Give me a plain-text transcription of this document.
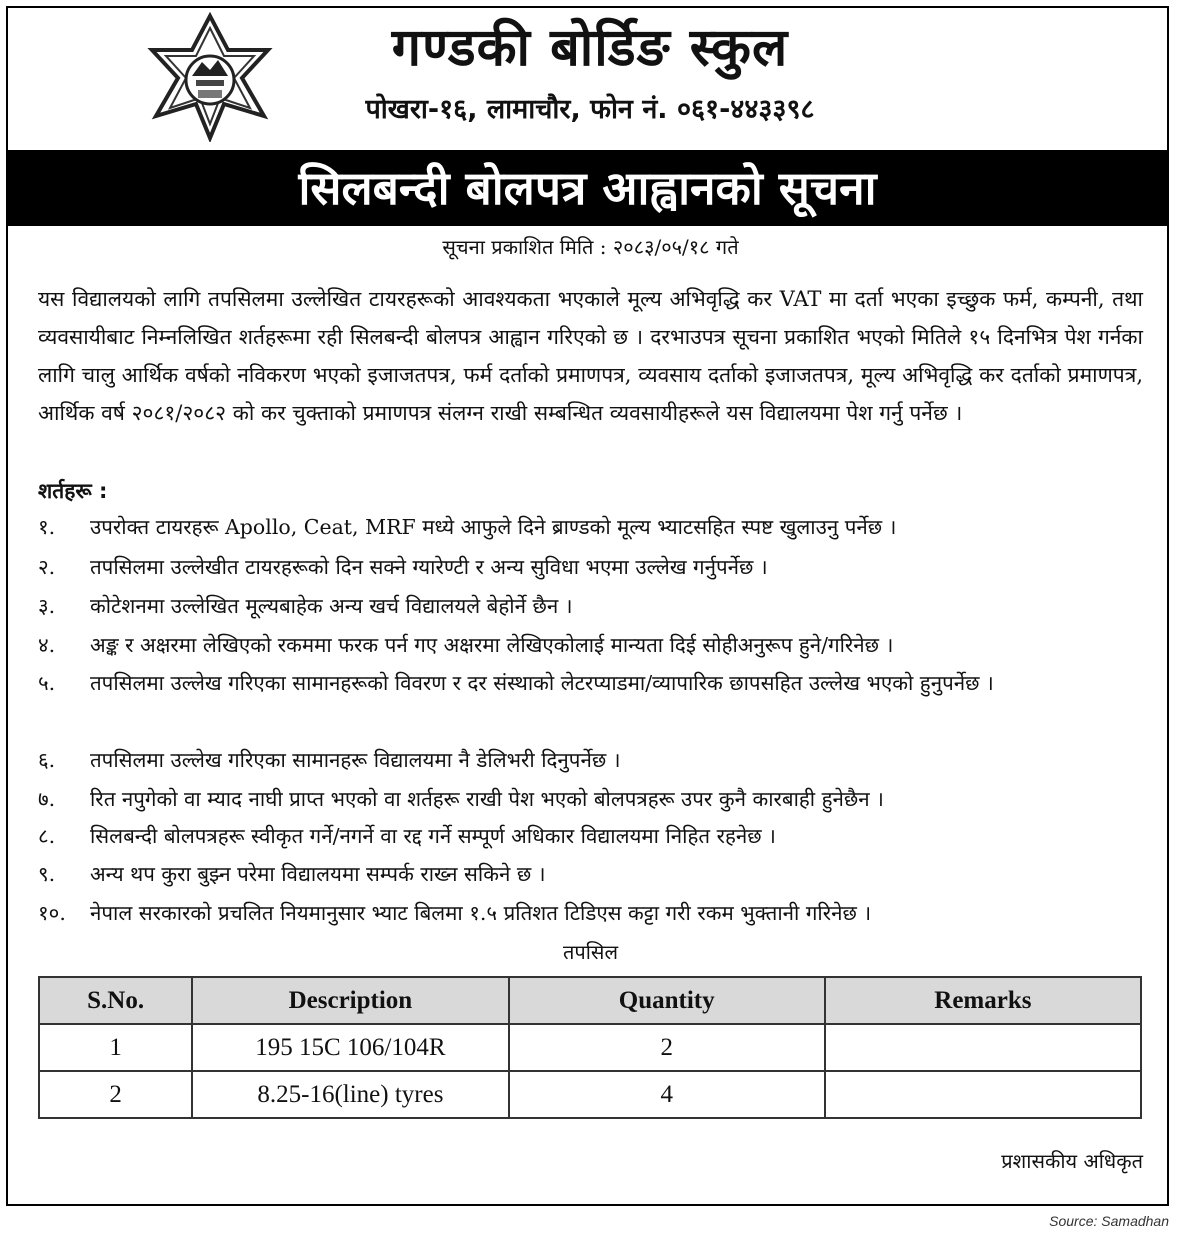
गण्डकी बोर्डिङ स्कुल
पोखरा-१६, लामाचौर, फोन नं. ०६१-४४३३९८
सिलबन्दी बोलपत्र आह्वानको सूचना
सूचना प्रकाशित मिति : २०८३/०५/१८ गते
यस विद्यालयको लागि तपसिलमा उल्लेखित टायरहरूको आवश्यकता भएकाले मूल्य अभिवृद्धि कर VAT मा दर्ता भएका इच्छुक फर्म, कम्पनी, तथा व्यवसायीबाट निम्नलिखित शर्तहरूमा रही सिलबन्दी बोलपत्र आह्वान गरिएको छ । दरभाउपत्र सूचना प्रकाशित भएको मितिले १५ दिनभित्र पेश गर्नका लागि चालु आर्थिक वर्षको नविकरण भएको इजाजतपत्र, फर्म दर्ताको प्रमाणपत्र, व्यवसाय दर्ताको इजाजतपत्र, मूल्य अभिवृद्धि कर दर्ताको प्रमाणपत्र, आर्थिक वर्ष २०८१/२०८२ को कर चुक्ताको प्रमाणपत्र संलग्न राखी सम्बन्धित व्यवसायीहरूले यस विद्यालयमा पेश गर्नु पर्नेछ ।
शर्तहरू :
१.	उपरोक्त टायरहरू Apollo, Ceat, MRF मध्ये आफुले दिने ब्राण्डको मूल्य भ्याटसहित स्पष्ट खुलाउनु पर्नेछ ।
२.	तपसिलमा उल्लेखीत टायरहरूको दिन सक्ने ग्यारेण्टी र अन्य सुविधा भएमा उल्लेख गर्नुपर्नेछ ।
३.	कोटेशनमा उल्लेखित मूल्यबाहेक अन्य खर्च विद्यालयले बेहोर्ने छैन ।
४.	अङ्क र अक्षरमा लेखिएको रकममा फरक पर्न गए अक्षरमा लेखिएकोलाई मान्यता दिई सोहीअनुरूप हुने/गरिनेछ ।
५.	तपसिलमा उल्लेख गरिएका सामानहरूको विवरण र दर संस्थाको लेटरप्याडमा/व्यापारिक छापसहित उल्लेख भएको हुनुपर्नेछ ।
६.	तपसिलमा उल्लेख गरिएका सामानहरू विद्यालयमा नै डेलिभरी दिनुपर्नेछ ।
७.	रित नपुगेको वा म्याद नाघी प्राप्त भएको वा शर्तहरू राखी पेश भएको बोलपत्रहरू उपर कुनै कारबाही हुनेछैन ।
८.	सिलबन्दी बोलपत्रहरू स्वीकृत गर्ने/नगर्ने वा रद्द गर्ने सम्पूर्ण अधिकार विद्यालयमा निहित रहनेछ ।
९.	अन्य थप कुरा बुझ्न परेमा विद्यालयमा सम्पर्क राख्न सकिने छ ।
१०.	नेपाल सरकारको प्रचलित नियमानुसार भ्याट बिलमा १.५ प्रतिशत टिडिएस कट्टा गरी रकम भुक्तानी गरिनेछ ।
तपसिल
S.No.	Description	Quantity	Remarks
1	195 15C 106/104R	2	
2	8.25-16(line) tyres	4	
प्रशासकीय अधिकृत
Source: Samadhan
